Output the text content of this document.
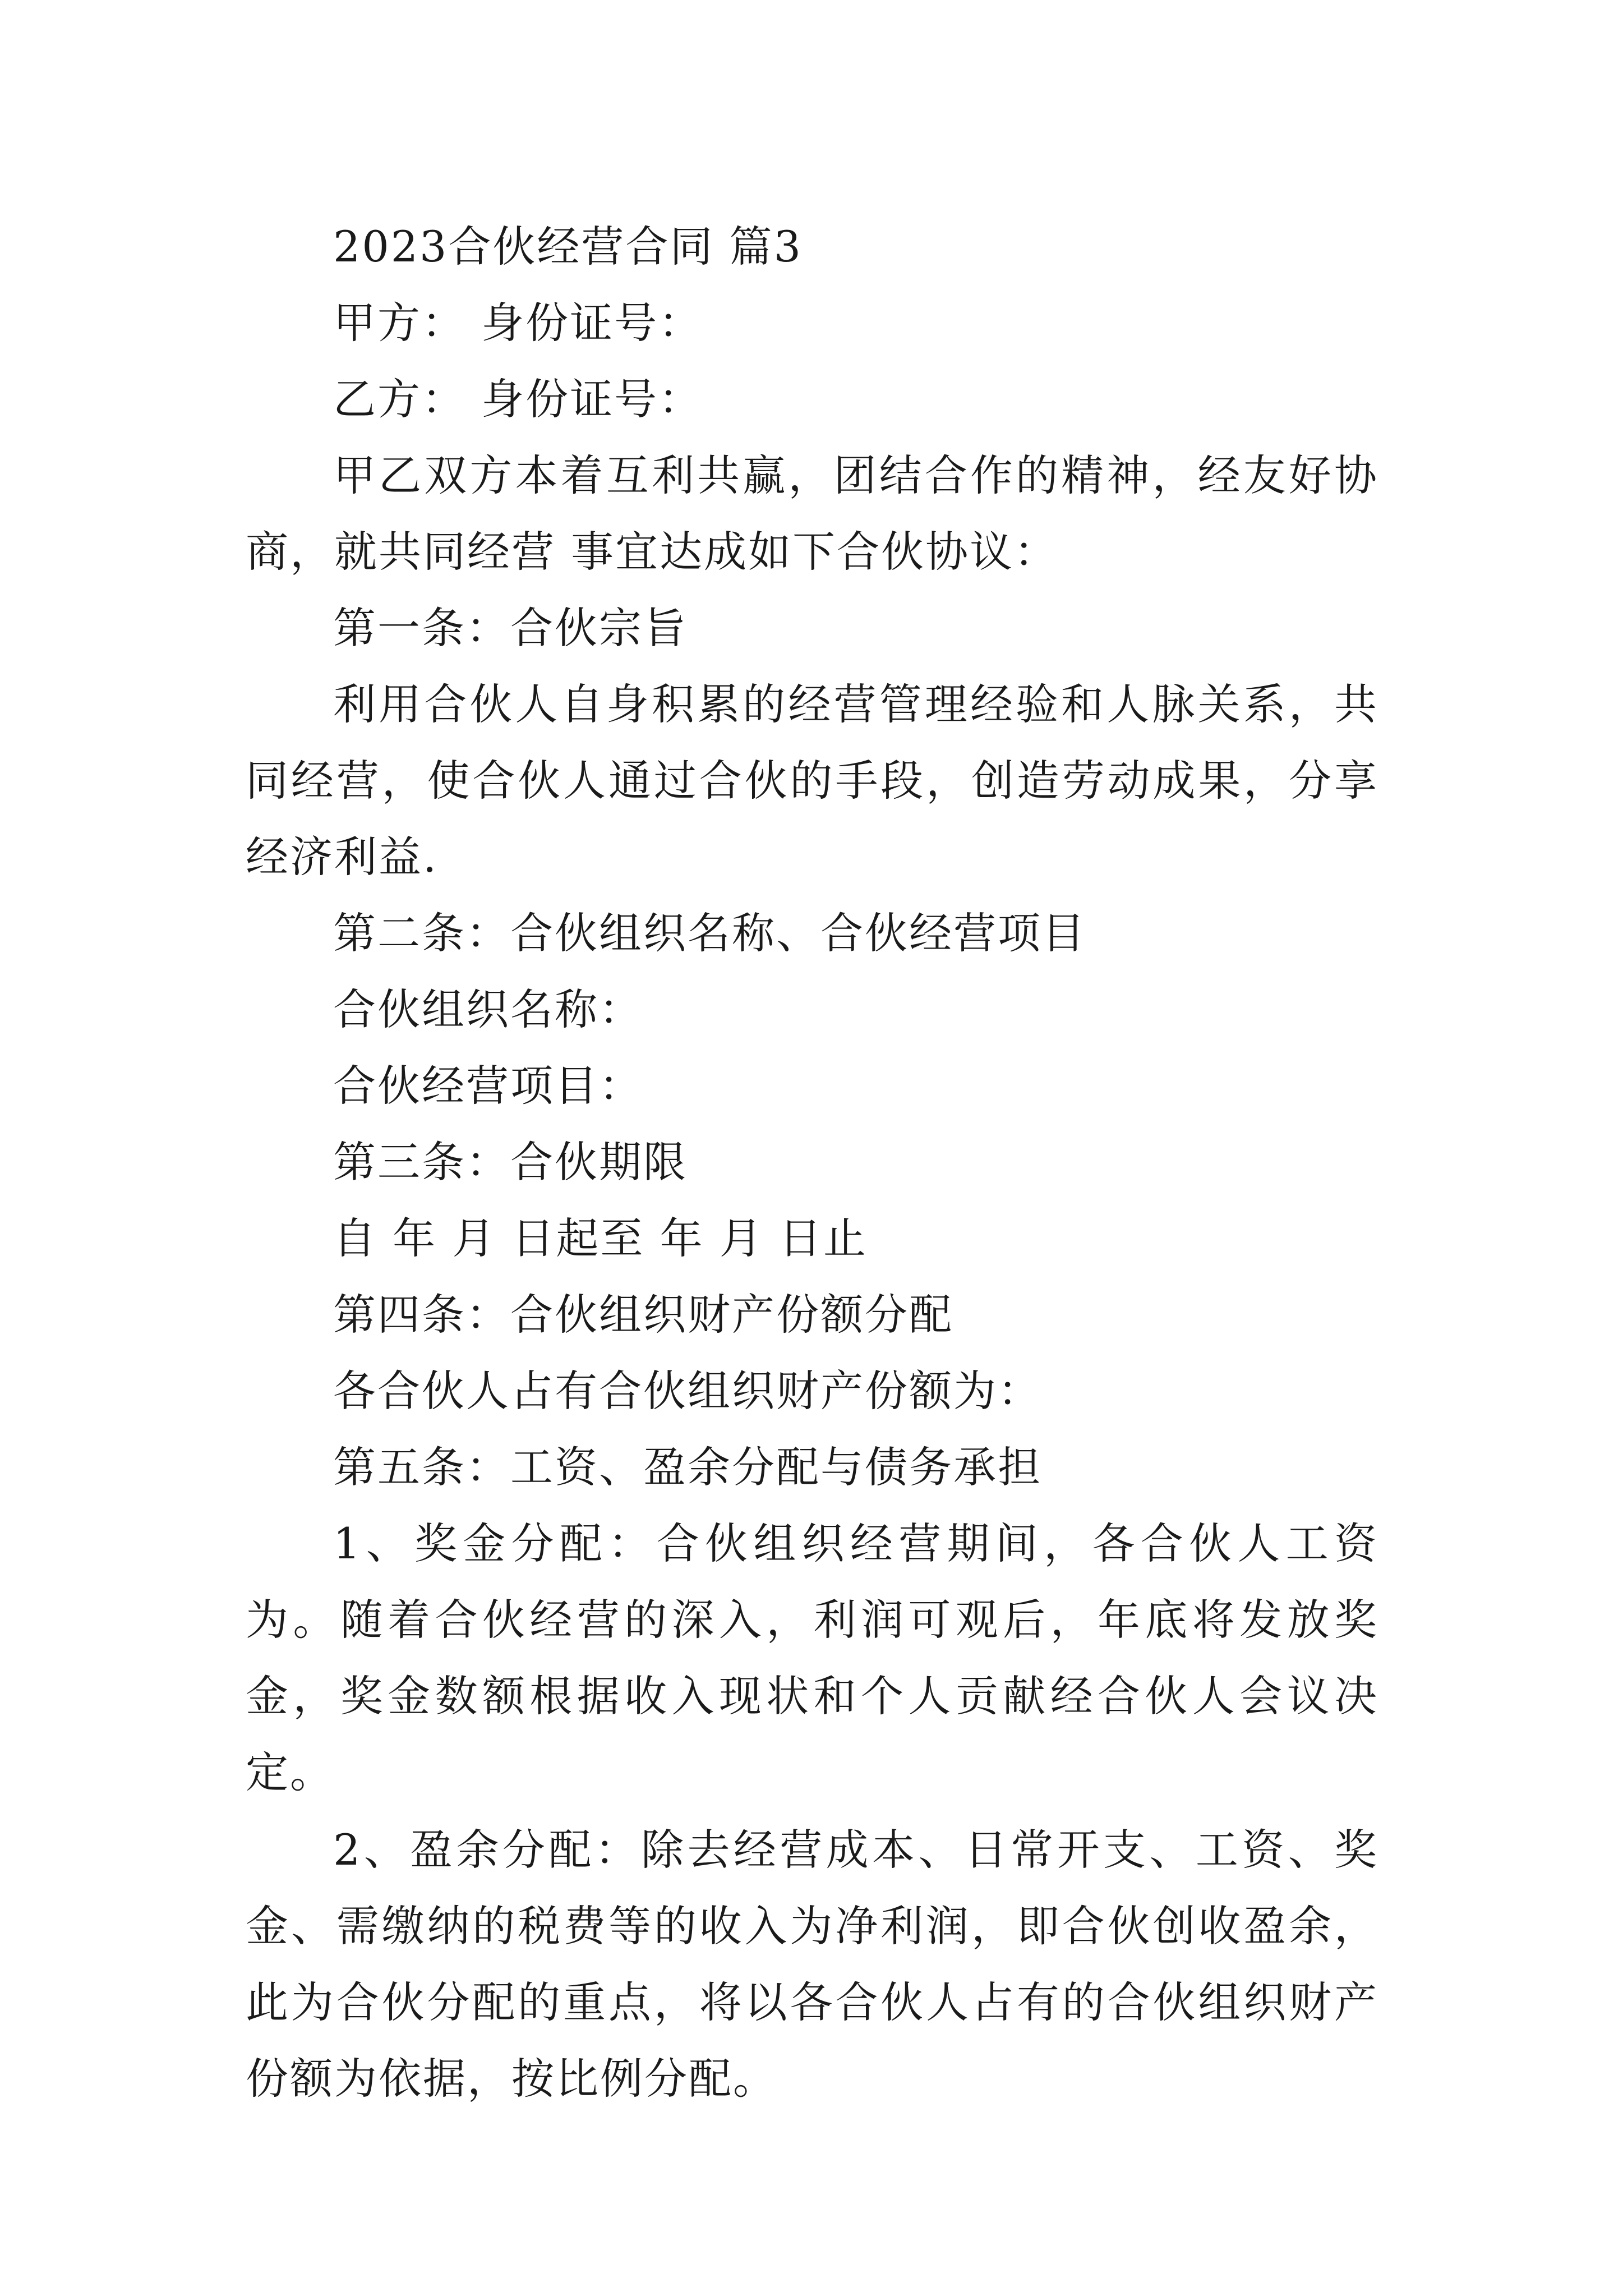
2023合伙经营合同 篇3

甲方： 身份证号：

乙方： 身份证号：

甲乙双方本着互利共赢，团结合作的精神，经友好协商，就共同经营 事宜达成如下合伙协议：

第一条：合伙宗旨

利用合伙人自身积累的经营管理经验和人脉关系，共同经营，使合伙人通过合伙的手段，创造劳动成果，分享经济利益.

第二条：合伙组织名称、合伙经营项目

合伙组织名称：

合伙经营项目：

第三条：合伙期限

自 年 月 日起至 年 月 日止

第四条：合伙组织财产份额分配

各合伙人占有合伙组织财产份额为：

第五条：工资、盈余分配与债务承担

1、奖金分配：合伙组织经营期间，各合伙人工资为。随着合伙经营的深入，利润可观后，年底将发放奖金，奖金数额根据收入现状和个人贡献经合伙人会议决定。

2、盈余分配：除去经营成本、日常开支、工资、奖金、需缴纳的税费等的收入为净利润，即合伙创收盈余，此为合伙分配的重点，将以各合伙人占有的合伙组织财产份额为依据，按比例分配。
